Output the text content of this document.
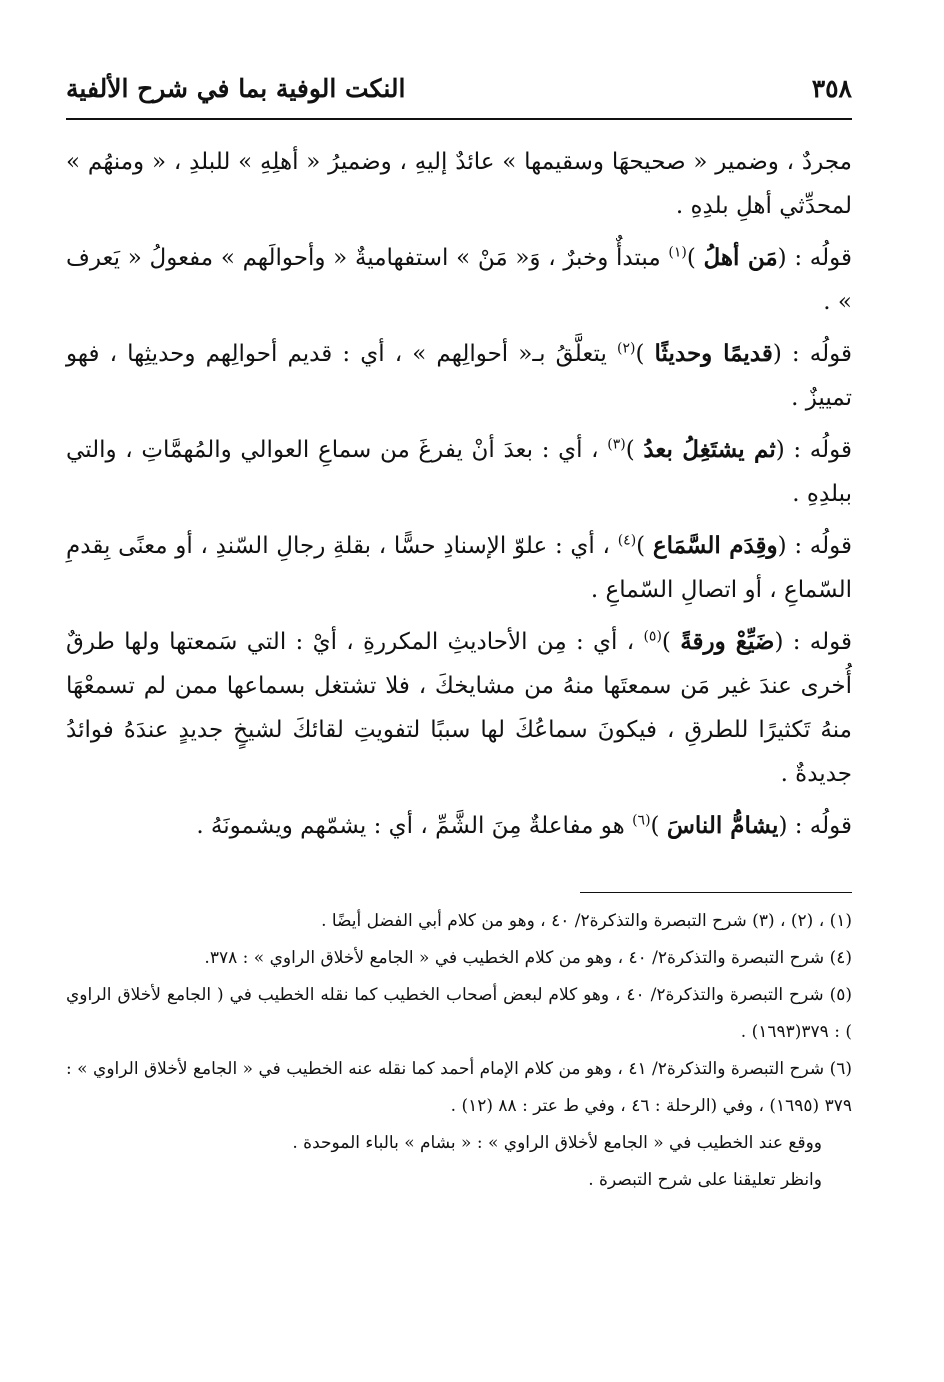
٣٥٨
النكت الوفية بما في شرح الألفية

مجردٌ ، وضمير « صحيحهَا وسقيمها » عائدٌ إليهِ ، وضميرُ « أهلِهِ » للبلدِ ، « ومنهُم » لمحدِّثي أهلِ بلدِهِ .

قولُه : (مَن أهلُ )$^{(١)}$ مبتدأٌ وخبرٌ ، وَ« مَنْ » استفهاميةٌ « وأحوالَهم » مفعولُ « يَعرف » .

قولُه : (قديمًا وحديثًا )$^{(٢)}$ يتعلَّقُ بـ« أحوالِهم » ، أي : قديم أحوالِهم وحديثِها ، فهو تمييزٌ .

قولُه : (ثم يشتَغِلُ بعدُ )$^{(٣)}$ ، أي : بعدَ أنْ يفرغَ من سماعِ العوالي والمُهمَّاتِ ، والتي ببلدِهِ .

قولُه : (وقِدَم السَّمَاع )$^{(٤)}$ ، أي : علوّ الإسنادِ حسًّا ، بقلةِ رجالِ السّندِ ، أو معنًى بِقدمِ السّماعِ ، أو اتصالِ السّماعِ .

قوله : (ضَيِّعْ ورقةً )$^{(٥)}$ ، أي : مِن الأحاديثِ المكررةِ ، أيْ : التي سَمعتها ولها طرقٌ أُخرى عندَ غير مَن سمعتَها منهُ من مشايخكَ ، فلا تشتغل بسماعها ممن لم تسمعْهَا منهُ تَكثيرًا للطرقِ ، فيكونَ سماعُكَ لها سببًا لتفويتِ لقائكَ لشيخٍ جديدٍ عندَهُ فوائدُ جديدةٌ .

قولُه : (يشامُّ الناسَ )$^{(٦)}$ هو مفاعلةٌ مِنَ الشَّمِّ ، أي : يشمّهم ويشمونَهُ .

(١) ، (٢) ، (٣) شرح التبصرة والتذكرة٢/ ٤٠ ، وهو من كلام أبي الفضل أيضًا .

(٤) شرح التبصرة والتذكرة٢/ ٤٠ ، وهو من كلام الخطيب في « الجامع لأخلاق الراوي » : ٣٧٨.

(٥) شرح التبصرة والتذكرة٢/ ٤٠ ، وهو كلام لبعض أصحاب الخطيب كما نقله الخطيب في ( الجامع لأخلاق الراوي ) : ٣٧٩(١٦٩٣) .

(٦) شرح التبصرة والتذكرة٢/ ٤١ ، وهو من كلام الإمام أحمد كما نقله عنه الخطيب في « الجامع لأخلاق الراوي » : ٣٧٩ (١٦٩٥) ، وفي (الرحلة : ٤٦ ، وفي ط عتر : ٨٨ (١٢) .

ووقع عند الخطيب في « الجامع لأخلاق الراوي » : « بشام » بالباء الموحدة .

وانظر تعليقنا على شرح التبصرة .
